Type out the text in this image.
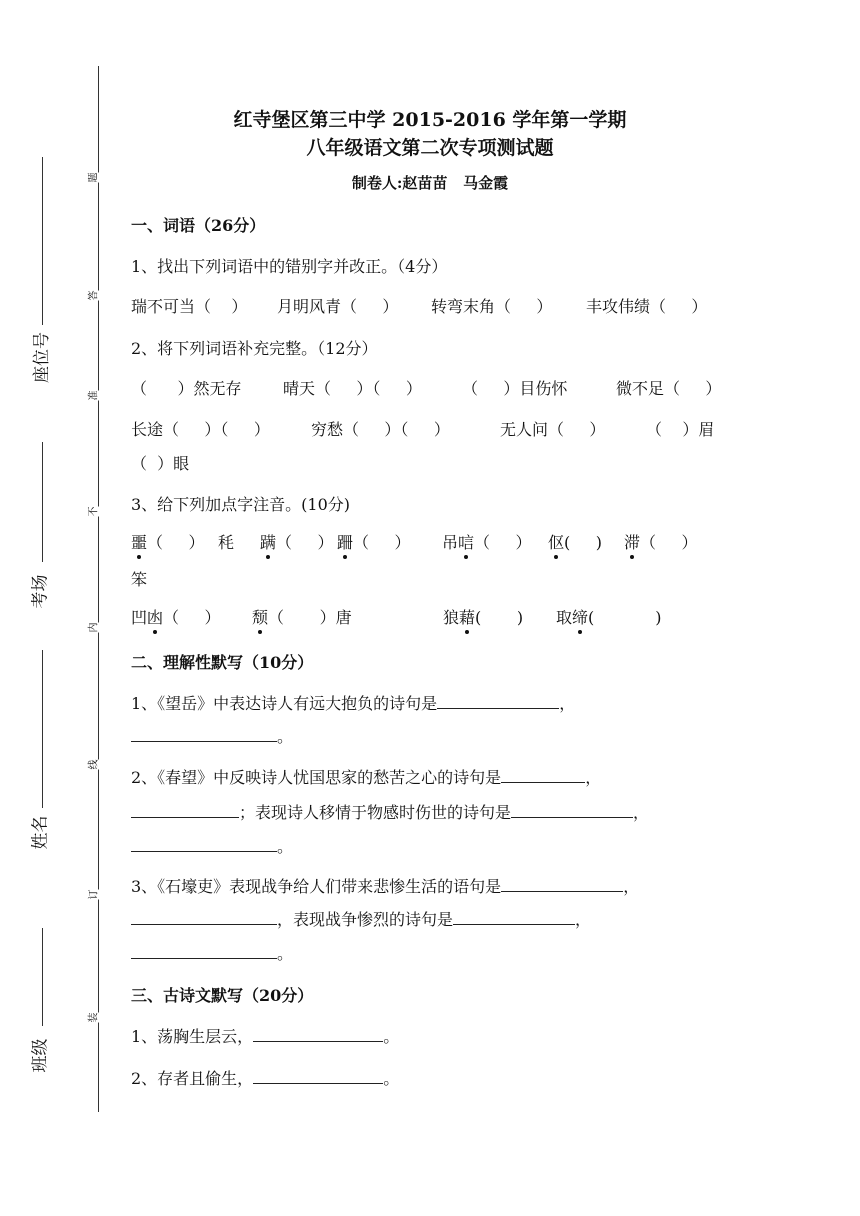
题
答
准
不
内
线
订
装
座位号
考场
姓名
班级
红寺堡区第三中学 2015-2016 学年第一学期
八年级语文第二次专项测试题
制卷人:赵苗苗   马金霞
一、词语（26分）
1、找出下列词语中的错别字并改正。（4分）
瑞不可当（    ） 月明风青（     ） 转弯末角（     ） 丰攻伟绩（     ）
2、将下列词语补充完整。（12分）
（      ）然无存	晴天（     ）（     ）	（     ）目伤怀	微不足（     ）
长途（     ）（     ）	穷愁（     ）（     ）	无人问（     ）	（    ）眉
（  ）眼
3、给下列加点字注音。(10分)
噩（     ） 秏 蹒（     ） 跚（     ） 吊唁（     ） 伛(     ) 滞（     ）
笨
凹凼（     ） 颓（       ）唐	狼藉(       ) 取缔(            )
二、理解性默写（10分）
1、《望岳》中表达诗人有远大抱负的诗句是	，
。
2、《春望》中反映诗人忧国思家的愁苦之心的诗句是	，
；表现诗人移情于物感时伤世的诗句是	，
。
3、《石壕吏》表现战争给人们带来悲惨生活的语句是	，
，表现战争惨烈的诗句是	，
。
三、古诗文默写（20分）
1、荡胸生层云，	。
2、存者且偷生，	。
